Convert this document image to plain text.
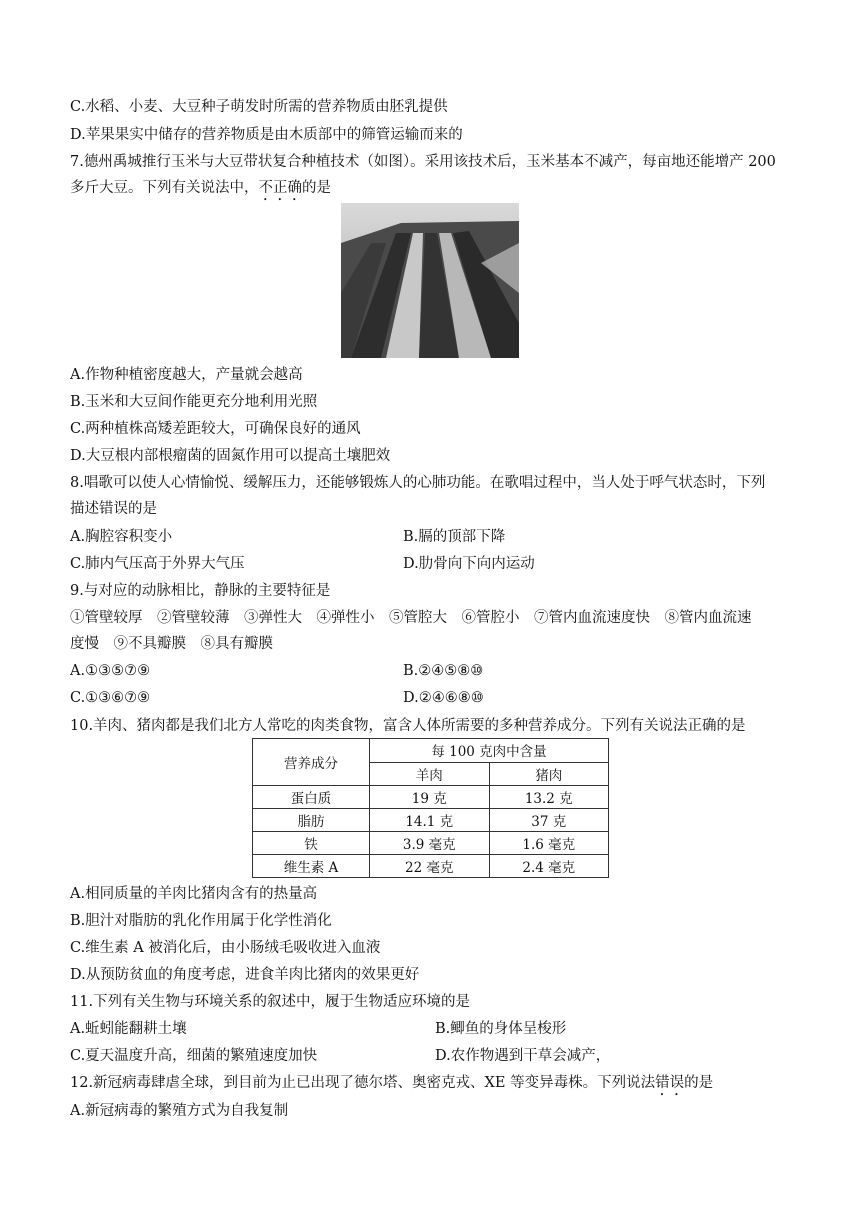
C.水稻、小麦、大豆种子萌发时所需的营养物质由胚乳提供
D.苹果果实中储存的营养物质是由木质部中的筛管运输而来的
7.德州禹城推行玉米与大豆带状复合种植技术（如图）。采用该技术后，玉米基本不减产，每亩地还能增产 200
多斤大豆。下列有关说法中，不正确的是
A.作物种植密度越大，产量就会越高
B.玉米和大豆间作能更充分地利用光照
C.两种植株高矮差距较大，可确保良好的通风
D.大豆根内部根瘤菌的固氮作用可以提高土壤肥效
8.唱歌可以使人心情愉悦、缓解压力，还能够锻炼人的心肺功能。在歌唱过程中，当人处于呼气状态时，下列
描述错误的是
A.胸腔容积变小	B.膈的顶部下降
C.肺内气压高于外界大气压	D.肋骨向下向内运动
9.与对应的动脉相比，静脉的主要特征是
①管壁较厚　②管壁较薄　③弹性大　④弹性小　⑤管腔大　⑥管腔小　⑦管内血流速度快　⑧管内血流速
度慢　⑨不具瓣膜　⑧具有瓣膜
A.①③⑤⑦⑨	B.②④⑤⑧⑩
C.①③⑥⑦⑨	D.②④⑥⑧⑩
10.羊肉、猪肉都是我们北方人常吃的肉类食物，富含人体所需要的多种营养成分。下列有关说法正确的是
营养成分	每 100 克肉中含量	
	羊肉	猪肉
蛋白质	19 克	13.2 克
脂肪	14.1 克	37 克
铁	3.9 毫克	1.6 毫克
维生素 A	22 毫克	2.4 毫克
A.相同质量的羊肉比猪肉含有的热量高
B.胆汁对脂肪的乳化作用属于化学性消化
C.维生素 A 被消化后，由小肠绒毛吸收进入血液
D.从预防贫血的角度考虑，进食羊肉比猪肉的效果更好
11.下列有关生物与环境关系的叙述中，履于生物适应环境的是
A.蚯蚓能翻耕土壤	B.鲫鱼的身体呈梭形
C.夏天温度升高，细菌的繁殖速度加快	D.农作物遇到干草会减产，
12.新冠病毒肆虐全球，到目前为止已出现了德尔塔、奥密克戎、XE 等变异毒株。下列说法错误的是
A.新冠病毒的繁殖方式为自我复制
